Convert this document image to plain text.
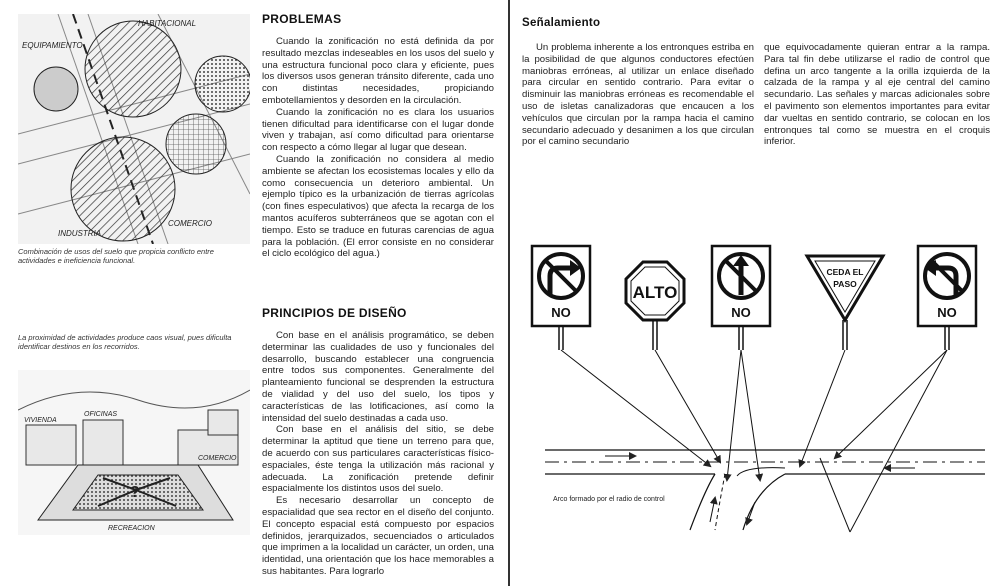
HABITACIONAL
EQUIPAMIENTO
INDUSTRIA
COMERCIO
Combinación de usos del suelo que propicia conflicto entre actividades e ineficiencia funcional.
La proximidad de actividades produce caos visual, pues dificulta identificar destinos en los recorridos.
?
VIVIENDA
OFICINAS
COMERCIO
RECREACION
PROBLEMAS

Cuando la zonificación no está definida da por resultado mezclas indeseables en los usos del suelo y una estructura funcional poco clara y eficiente, pues los diversos usos generan tránsito diferente, cada uno con distintas necesidades, propiciando embotellamientos y desorden en la circulación.

Cuando la zonificación no es clara los usuarios tienen dificultad para identificarse con el lugar donde viven y trabajan, así como dificultad para orientarse con respecto a cómo llegar al lugar que desean.

Cuando la zonificación no considera al medio ambiente se afectan los ecosistemas locales y ello da como consecuencia un deterioro ambiental. Un ejemplo típico es la urbanización de tierras agrícolas (con fines especulativos) que afecta la recarga de los mantos acuíferos subterráneos que se agotan con el tiempo. Esto se traduce en futuras carencias de agua para la población. (El error consiste en no considerar el ciclo ecológico del agua.)

PRINCIPIOS DE DISEÑO

Con base en el análisis programático, se deben determinar las cualidades de uso y funcionales del desarrollo, buscando establecer una congruencia entre todos sus componentes. Generalmente del planteamiento funcional se desprenden la estructura de vialidad y del uso del suelo, los tipos y características de las lotificaciones, así como la intensidad del suelo destinadas a cada uso.

Con base en el análisis del sitio, se debe determinar la aptitud que tiene un terreno para que, de acuerdo con sus particulares características físico-espaciales, éste tenga la utilización más racional y adecuada. La zonificación pretende definir espacialmente los distintos usos del suelo.

Es necesario desarrollar un concepto de espacialidad que sea rector en el diseño del conjunto. El concepto espacial está compuesto por espacios definidos, jerarquizados, secuenciados o articulados que imprimen a la localidad un carácter, un orden, una identidad, una orientación que los hace memorables a sus habitantes. Para lograrlo

Señalamiento

Un problema inherente a los entronques estriba en la posibilidad de que algunos conductores efectúen maniobras erróneas, al utilizar un enlace diseñado para circular en sentido contrario. Para evitar o disminuir las maniobras erróneas es recomendable el uso de isletas canalizadoras que encaucen a los vehículos que circulan por la rampa hacia el camino secundario adecuado y desanimen a los que circulan por el camino secundario

que equivocadamente quieran entrar a la rampa. Para tal fin debe utilizarse el radio de control que defina un arco tangente a la orilla izquierda de la calzada de la rampa y al eje central del camino secundario. Las señales y marcas adicionales sobre el pavimento son elementos importantes para evitar dar vueltas en sentido contrario, se colocan en los entronques tal como se muestra en el croquis inferior.

NO
ALTO
NO
CEDA EL
PASO
NO
Arco formado por el radio de control
